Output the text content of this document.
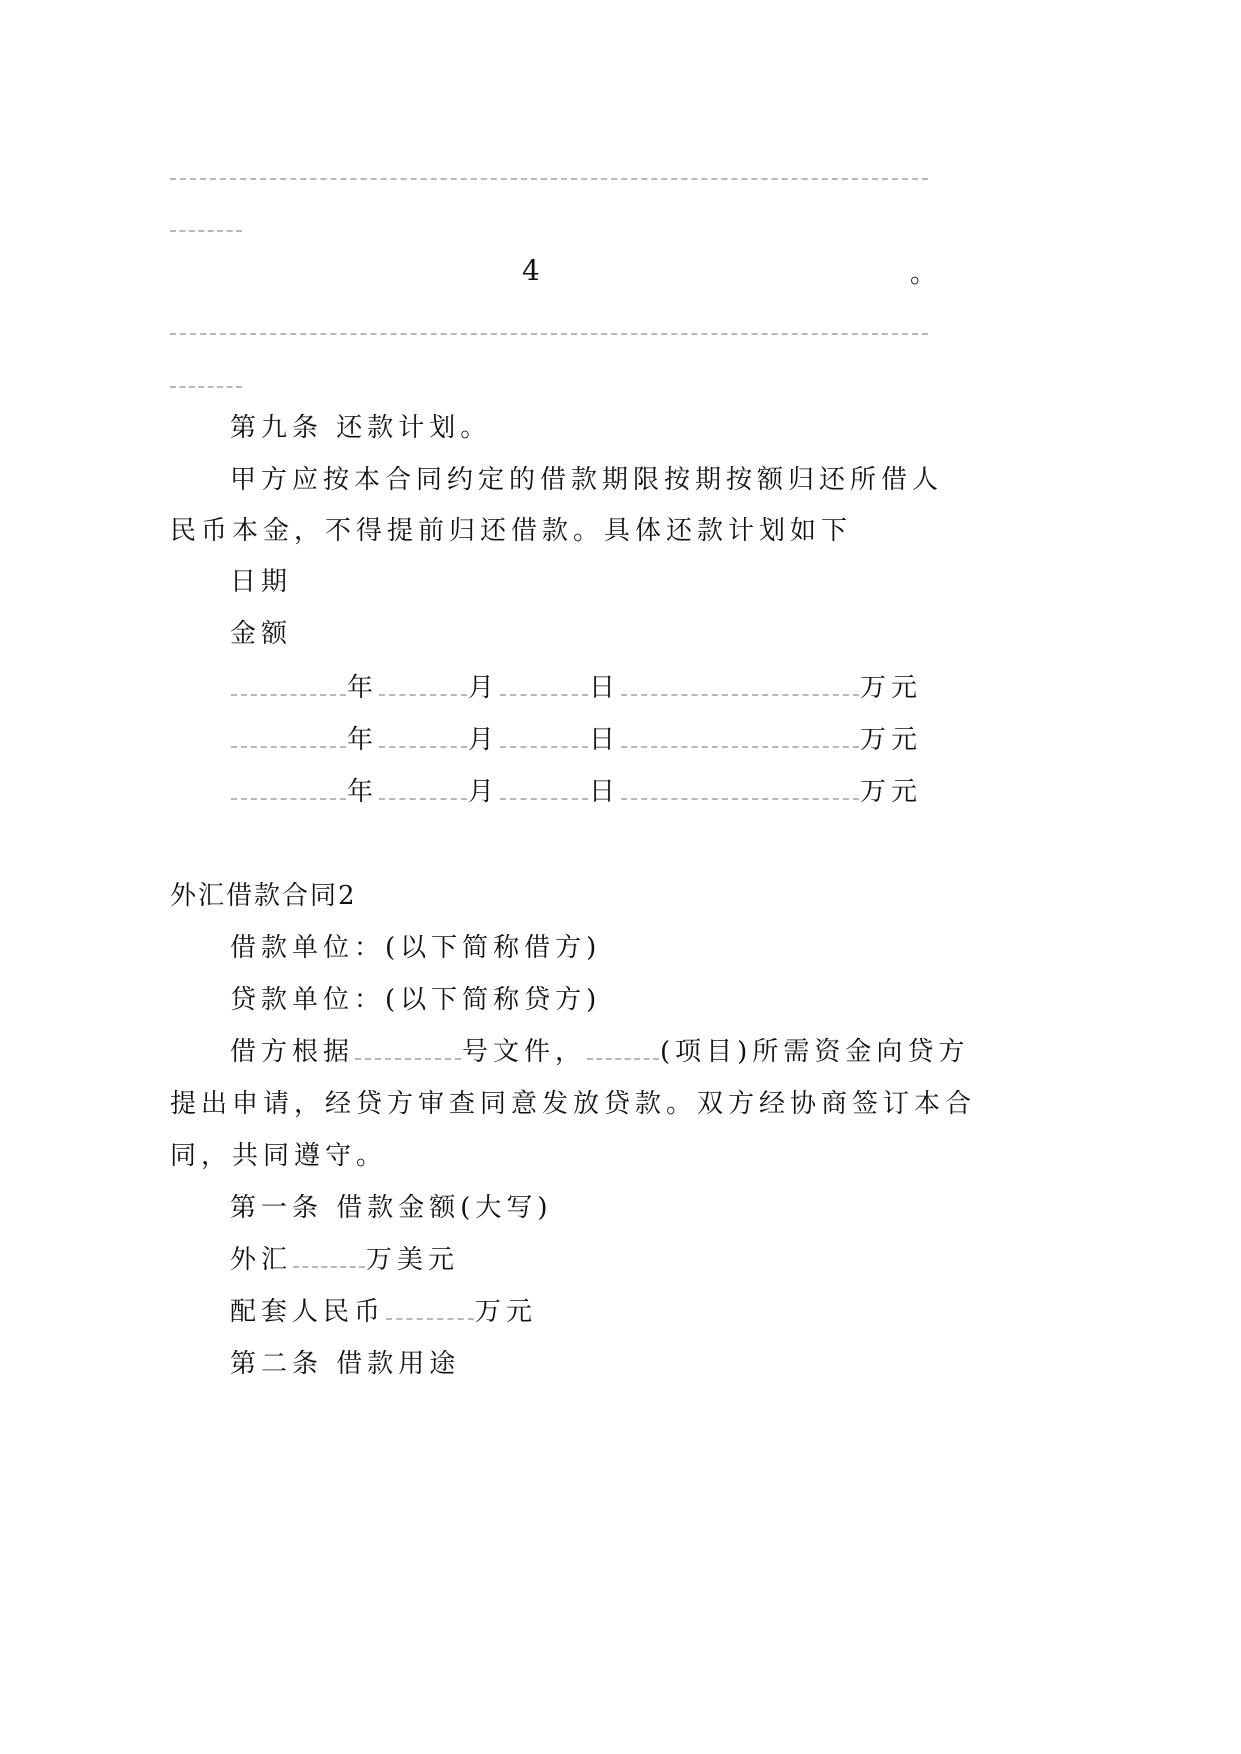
4	。
第九条 还款计划。
甲方应按本合同约定的借款期限按期按额归还所借人
民币本金，不得提前归还借款。具体还款计划如下
日期
金额
年	月	日	万元
年	月	日	万元
年	月	日	万元
外汇借款合同2
借款单位：(以下简称借方)
贷款单位：(以下简称贷方)
借方根据	号文件，	(项目)所需资金向贷方
提出申请，经贷方审查同意发放贷款。双方经协商签订本合
同，共同遵守。
第一条 借款金额(大写)
外汇	万美元
配套人民币	万元
第二条 借款用途
